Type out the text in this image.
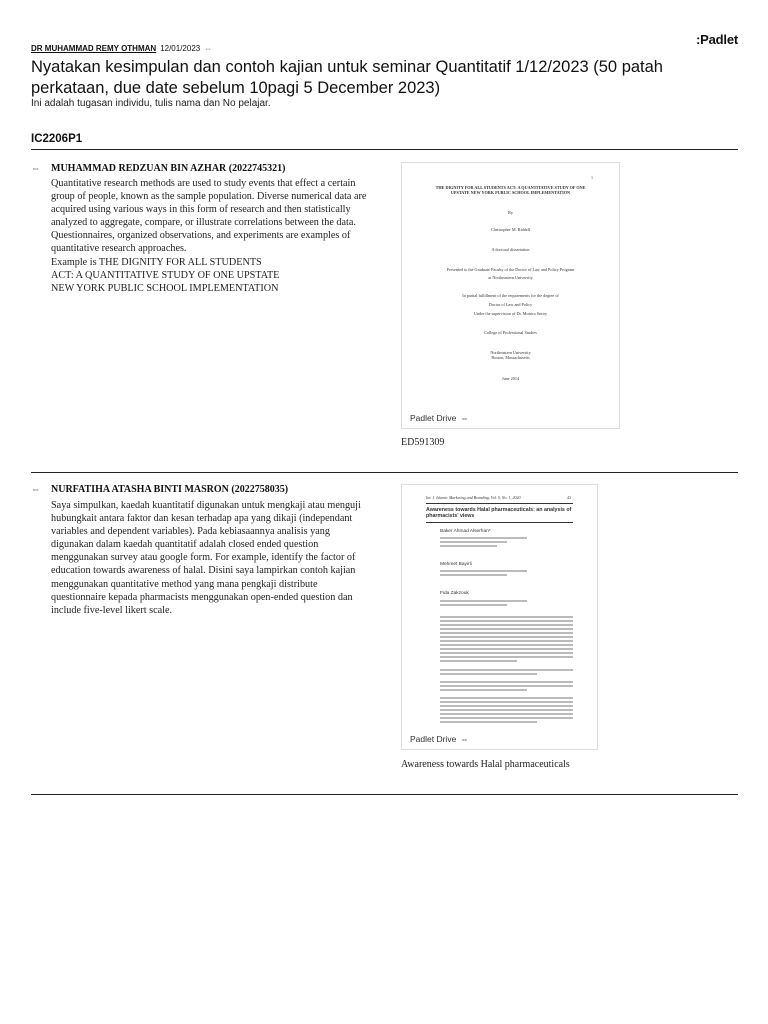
:Padlet
DR MUHAMMAD REMY OTHMAN 12/01/2023 ⇔
Nyatakan kesimpulan dan contoh kajian untuk seminar Quantitatif 1/12/2023 (50 patah perkataan, due date sebelum 10pagi 5 December 2023)
Ini adalah tugasan individu, tulis nama dan No pelajar.
IC2206P1
⇔ MUHAMMAD REDZUAN BIN AZHAR (2022745321)

Quantitative research methods are used to study events that effect a certain group of people, known as the sample population. Diverse numerical data are acquired using various ways in this form of research and then statistically analyzed to aggregate, compare, or illustrate correlations between the data. Questionnaires, organized observations, and experiments are examples of quantitative research approaches.

Example is THE DIGNITY FOR ALL STUDENTS
ACT: A QUANTITATIVE STUDY OF ONE UPSTATE
NEW YORK PUBLIC SCHOOL IMPLEMENTATION

1
THE DIGNITY FOR ALL STUDENTS ACT: A QUANTITATIVE STUDY OF ONE
UPSTATE NEW YORK PUBLIC SCHOOL IMPLEMENTATION
By
Christopher M. Riddell
A doctoral dissertation
Presented to the Graduate Faculty of the Doctor of Law and Policy Program
at Northeastern University
In partial fulfillment of the requirements for the degree of
Doctor of Law and Policy
Under the supervision of Dr. Monica Savoy
College of Professional Studies
Northeastern University
Boston, Massachusetts
June 2014
Padlet Drive ⇔
ED591309
⇔ NURFATIHA ATASHA BINTI MASRON (2022758035)

Saya simpulkan, kaedah kuantitatif digunakan untuk mengkaji atau menguji hubungkait antara faktor dan kesan terhadap apa yang dikaji (independant variables and dependent variables). Pada kebiasaannya analisis yang digunakan dalam kaedah quantitatif adalah closed ended question menggunakan survey atau google form. For example, identify the factor of education towards awareness of halal. Disini saya lampirkan contoh kajian menggunakan quantitative method yang mana pengkaji distribute questionnaire kepada pharmacists menggunakan open-ended question dan include five-level likert scale.

Int. J. Islamic Marketing and Branding, Vol. 5, No. 1, 2020	43
Awareness towards Halal pharmaceuticals: an analysis of pharmacists' views
Baker Ahmad Alserhan*
Mehmet Bayirli
Fida Zakzouk
Padlet Drive ⇔
Awareness towards Halal pharmaceuticals
